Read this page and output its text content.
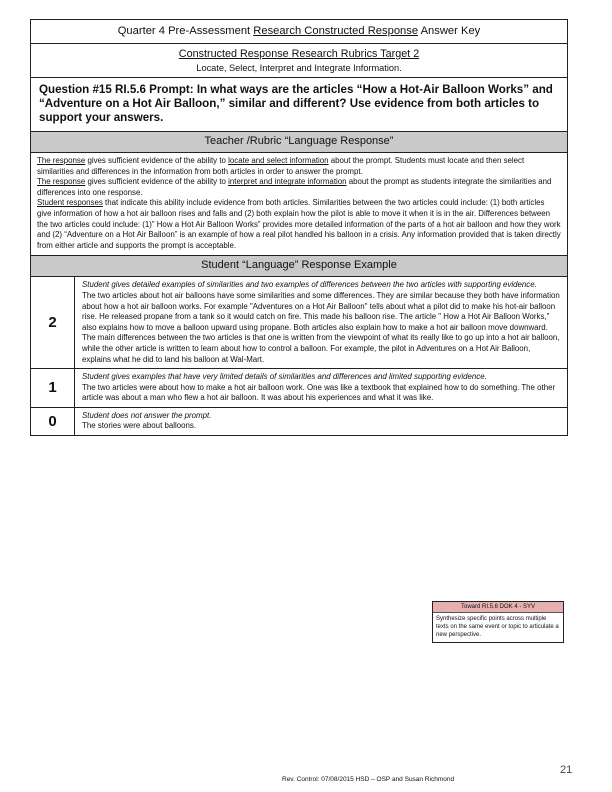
Quarter 4 Pre-Assessment Research Constructed Response Answer Key
Constructed Response Research Rubrics Target 2
Locate, Select, Interpret and Integrate Information.
Question #15 RI.5.6 Prompt: In what ways are the articles “How a Hot-Air Balloon Works” and “Adventure on a Hot Air Balloon,” similar and different? Use evidence from both articles to support your answers.
Teacher /Rubric “Language Response”

The response gives sufficient evidence of the ability to locate and select information about the prompt. Students must locate and then select similarities and differences in the information from both articles in order to answer the prompt.

The response gives sufficient evidence of the ability to interpret and integrate information about the prompt as students integrate the similarities and differences into one response.

Student responses that indicate this ability include evidence from both articles. Similarities between the two articles could include: (1) both articles give information of how a hot air balloon rises and falls and (2) both explain how the pilot is able to move it when it is in the air. Differences between the two articles could include: (1)” How a Hot Air Balloon Works” provides more detailed information of the parts of a hot air balloon and how they work and (2) “Adventure on a Hot Air Balloon” is an example of how a real pilot handled his balloon in a crisis. Any information provided that is taken directly from either article and supports the prompt is acceptable.

Student “Language” Response Example
2
Student gives detailed examples of similarities and two examples of differences between the two articles with supporting evidence.
The two articles about hot air balloons have some similarities and some differences. They are similar because they both have information about how a hot air balloon works. For example "Adventures on a Hot Air Balloon" tells about what a pilot did to make his hot-air balloon rise. He released propane from a tank so it would catch on fire. This made his balloon rise. The article " How a Hot Air Balloon Works," also explains how to move a balloon upward using propane. Both articles also explain how to make a hot air balloon move downward. The main differences between the two articles is that one is written from the viewpoint of what its really like to go up into a hot air balloon, while the other article is written to learn about how to control a balloon. For example, the pilot in Adventures on a Hot Air Balloon, explains what he did to land his balloon at Wal-Mart.
1
Student gives examples that have very limited details of similarities and differences and limited supporting evidence.
The two articles were about how to make a hot air balloon work. One was like a textbook that explained how to do something. The other article was about a man who flew a hot air balloon. It was about his experiences and what it was like.
0	Student does not answer the prompt.
The stories were about balloons.
Toward RI.5.6 DOK 4 - SYV
Synthesize specific points across multiple texts on the same event or topic to articulate a new perspective.
Rev. Control: 07/08/2015 HSD – OSP and Susan Richmond
21
